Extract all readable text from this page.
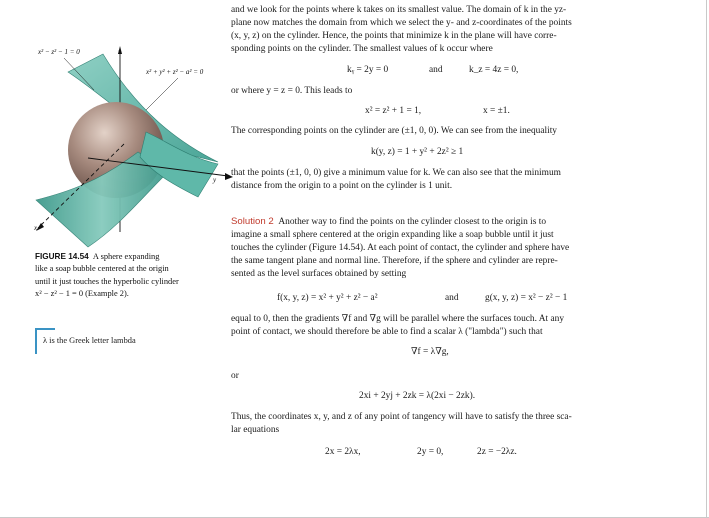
x² − z² − 1 = 0
x² + y² + z² − a² = 0
z
y
x
FIGURE 14.54 A sphere expanding
like a soap bubble centered at the origin
until it just touches the hyperbolic cylinder
x² − z² − 1 = 0 (Example 2).
λ is the Greek letter lambda
and we look for the points where k takes on its smallest value. The domain of k in the yz-
plane now matches the domain from which we select the y- and z-coordinates of the points
(x, y, z) on the cylinder. Hence, the points that minimize k in the plane will have corre-
sponding points on the cylinder. The smallest values of k occur where
kᵧ = 2y = 0	and	k_z = 4z = 0,
or where y = z = 0. This leads to
x² = z² + 1 = 1,	x = ±1.
The corresponding points on the cylinder are (±1, 0, 0). We can see from the inequality
k(y, z) = 1 + y² + 2z² ≥ 1
that the points (±1, 0, 0) give a minimum value for k. We can also see that the minimum
distance from the origin to a point on the cylinder is 1 unit.
Solution 2 Another way to find the points on the cylinder closest to the origin is to
imagine a small sphere centered at the origin expanding like a soap bubble until it just
touches the cylinder (Figure 14.54). At each point of contact, the cylinder and sphere have
the same tangent plane and normal line. Therefore, if the sphere and cylinder are repre-
sented as the level surfaces obtained by setting
f(x, y, z) = x² + y² + z² − a²	and	g(x, y, z) = x² − z² − 1
equal to 0, then the gradients ∇f and ∇g will be parallel where the surfaces touch. At any
point of contact, we should therefore be able to find a scalar λ ("lambda") such that
∇f = λ∇g,
or
2xi + 2yj + 2zk = λ(2xi − 2zk).
Thus, the coordinates x, y, and z of any point of tangency will have to satisfy the three sca-
lar equations
2x = 2λx,	2y = 0,	2z = −2λz.
